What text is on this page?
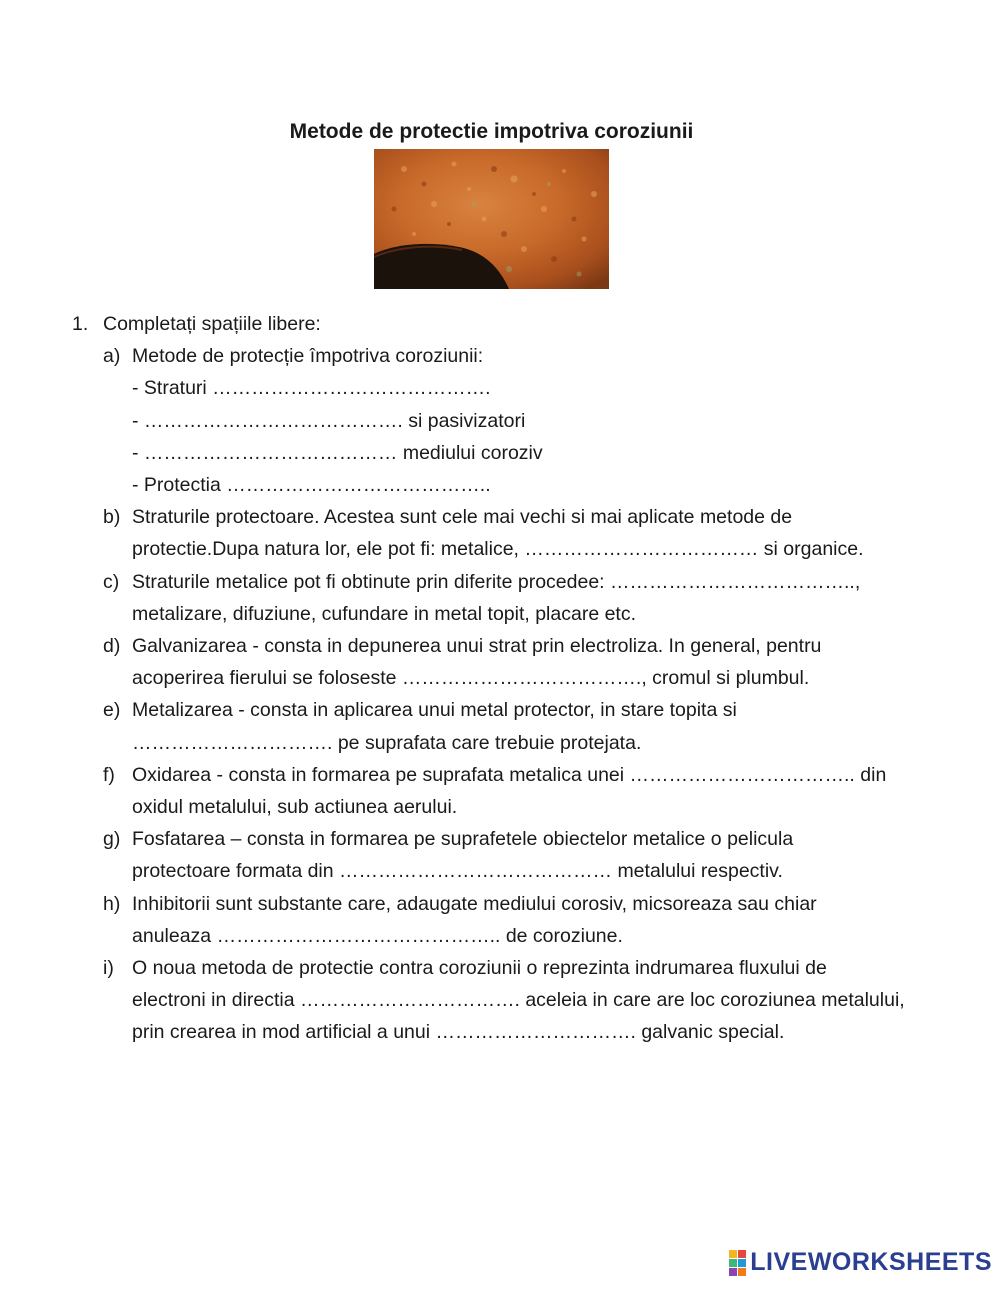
Metode de protectie impotriva coroziunii
1. Completați spațiile libere:
a) Metode de protecție împotriva coroziunii:
- Straturi …………………………………….
- …………………………………. si pasivizatori
- ………………………………… mediului coroziv
- Protectia …………………………………..
b) Straturile protectoare. Acestea sunt cele mai vechi si mai aplicate metode de
protectie.Dupa natura lor, ele pot fi: metalice, ……………………………… si organice.
c) Straturile metalice pot fi obtinute prin diferite procedee: ………………………………..,
metalizare, difuziune, cufundare in metal topit, placare etc.
d) Galvanizarea - consta in depunerea unui strat prin electroliza. In general, pentru
acoperirea fierului se foloseste ………………………………., cromul si plumbul.
e) Metalizarea - consta in aplicarea unui metal protector, in stare topita si
…………………………. pe suprafata care trebuie protejata.
f) Oxidarea - consta in formarea pe suprafata metalica unei …………………………….. din
oxidul metalului, sub actiunea aerului.
g) Fosfatarea – consta in formarea pe suprafetele obiectelor metalice o pelicula
protectoare formata din …………………………………… metalului respectiv.
h) Inhibitorii sunt substante care, adaugate mediului corosiv, micsoreaza sau chiar
anuleaza …………………………………….. de coroziune.
i) O noua metoda de protectie contra coroziunii o reprezinta indrumarea fluxului de
electroni in directia ……………………………. aceleia in care are loc coroziunea metalului,
prin crearea in mod artificial a unui …………………………. galvanic special.
LIVEWORKSHEETS
